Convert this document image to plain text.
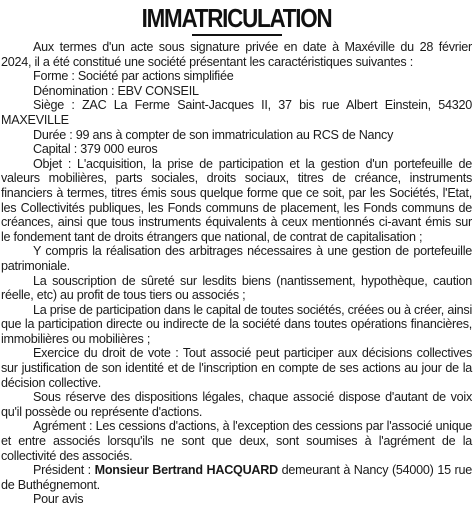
IMMATRICULATION

Aux termes d'un acte sous signature privée en date à Maxéville du 28 février 2024, il a été constitué une société présentant les caractéristiques suivantes :

Forme : Société par actions simplifiée

Dénomination : EBV CONSEIL

Siège : ZAC La Ferme Saint-Jacques II, 37 bis rue Albert Einstein, 54320 MAXEVILLE

Durée : 99 ans à compter de son immatriculation au RCS de Nancy

Capital : 379 000 euros

Objet : L'acquisition, la prise de participation et la gestion d'un portefeuille de valeurs mobilières, parts sociales, droits sociaux, titres de créance, instruments financiers à termes, titres émis sous quelque forme que ce soit, par les Sociétés, l'Etat, les Collectivités publiques, les Fonds communs de placement, les Fonds communs de créances, ainsi que tous instruments équivalents à ceux mentionnés ci-avant émis sur le fondement tant de droits étrangers que national, de contrat de capitalisation ;

Y compris la réalisation des arbitrages nécessaires à une gestion de portefeuille patrimoniale.

La souscription de sûreté sur lesdits biens (nantissement, hypothèque, caution réelle, etc) au profit de tous tiers ou associés ;

La prise de participation dans le capital de toutes sociétés, créées ou à créer, ainsi que la participation directe ou indirecte de la société dans toutes opérations financières, immobilières ou mobilières ;

Exercice du droit de vote : Tout associé peut participer aux décisions collectives sur justification de son identité et de l'inscription en compte de ses actions au jour de la décision collective.

Sous réserve des dispositions légales, chaque associé dispose d'autant de voix qu'il possède ou représente d'actions.

Agrément : Les cessions d'actions, à l'exception des cessions par l'associé unique et entre associés lorsqu'ils ne sont que deux, sont soumises à l'agrément de la collectivité des associés.

Président : Monsieur Bertrand HACQUARD demeurant à Nancy (54000) 15 rue de Buthégnemont.

Pour avis
